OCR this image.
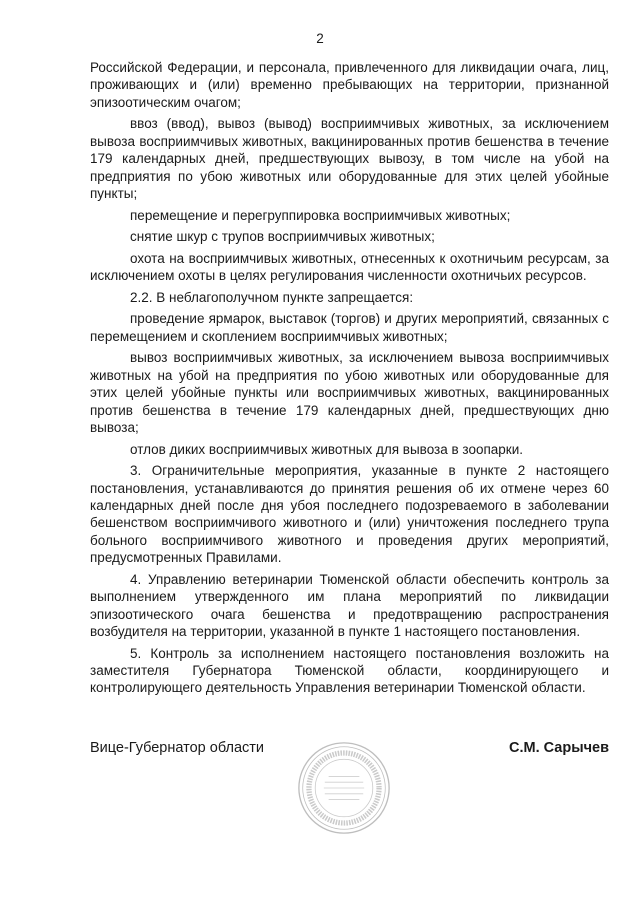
2

Российской Федерации, и персонала, привлеченного для ликвидации очага, лиц, проживающих и (или) временно пребывающих на территории, признанной эпизоотическим очагом;

ввоз (ввод), вывоз (вывод) восприимчивых животных, за исключением вывоза восприимчивых животных, вакцинированных против бешенства в течение 179 календарных дней, предшествующих вывозу, в том числе на убой на предприятия по убою животных или оборудованные для этих целей убойные пункты;

перемещение и перегруппировка восприимчивых животных;

снятие шкур с трупов восприимчивых животных;

охота на восприимчивых животных, отнесенных к охотничьим ресурсам, за исключением охоты в целях регулирования численности охотничьих ресурсов.

2.2. В неблагополучном пункте запрещается:

проведение ярмарок, выставок (торгов) и других мероприятий, связанных с перемещением и скоплением восприимчивых животных;

вывоз восприимчивых животных, за исключением вывоза восприимчивых животных на убой на предприятия по убою животных или оборудованные для этих целей убойные пункты или восприимчивых животных, вакцинированных против бешенства в течение 179 календарных дней, предшествующих дню вывоза;

отлов диких восприимчивых животных для вывоза в зоопарки.

3. Ограничительные мероприятия, указанные в пункте 2 настоящего постановления, устанавливаются до принятия решения об их отмене через 60 календарных дней после дня убоя последнего подозреваемого в заболевании бешенством восприимчивого животного и (или) уничтожения последнего трупа больного восприимчивого животного и проведения других мероприятий, предусмотренных Правилами.

4. Управлению ветеринарии Тюменской области обеспечить контроль за выполнением утвержденного им плана мероприятий по ликвидации эпизоотического очага бешенства и предотвращению распространения возбудителя на территории, указанной в пункте 1 настоящего постановления.

5. Контроль за исполнением настоящего постановления возложить на заместителя Губернатора Тюменской области, координирующего и контролирующего деятельность Управления ветеринарии Тюменской области.

Вице-Губернатор области	С.М. Сарычев
